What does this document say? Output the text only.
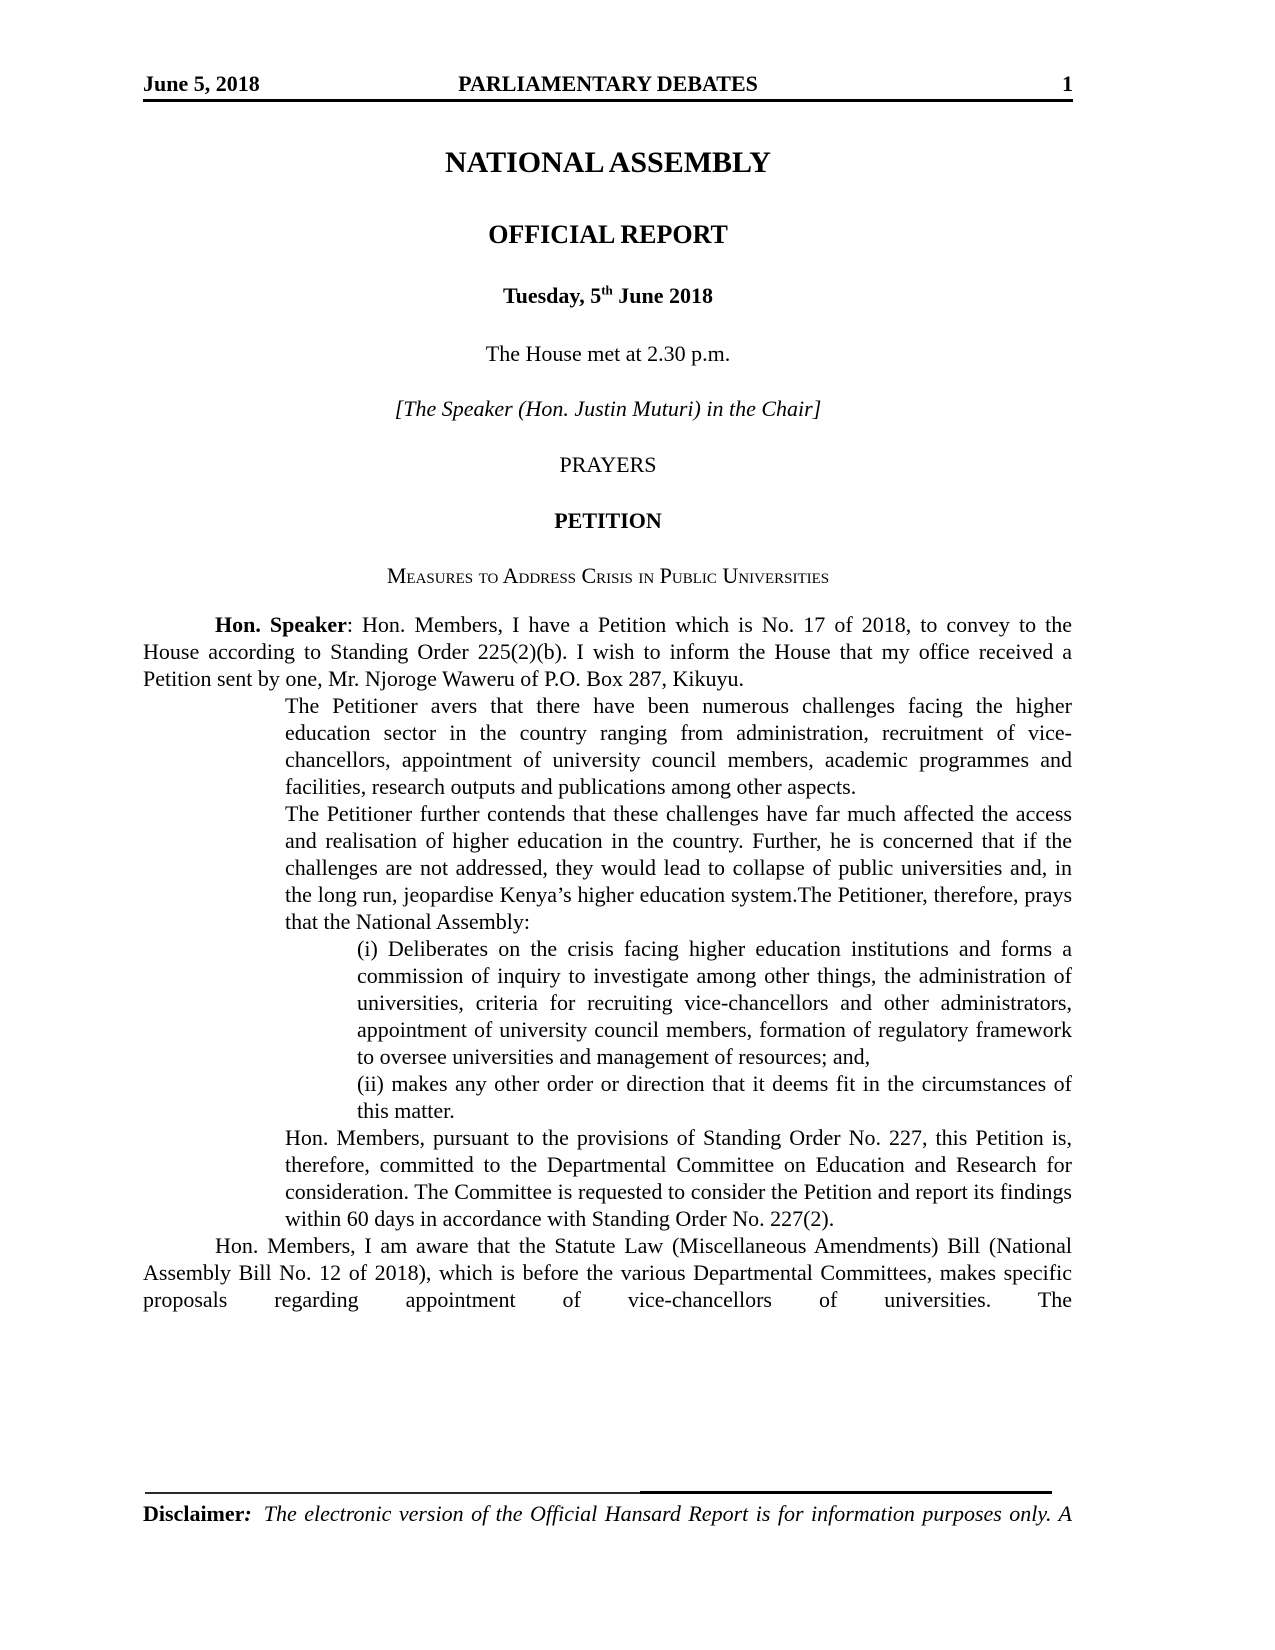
June 5, 2018	PARLIAMENTARY DEBATES	1
NATIONAL ASSEMBLY
OFFICIAL REPORT
Tuesday, 5th June 2018
The House met at 2.30 p.m.
[The Speaker (Hon. Justin Muturi) in the Chair]
PRAYERS
PETITION
Measures to Address Crisis in Public Universities

Hon. Speaker: Hon. Members, I have a Petition which is No. 17 of 2018, to convey to the House according to Standing Order 225(2)(b). I wish to inform the House that my office received a Petition sent by one, Mr. Njoroge Waweru of P.O. Box 287, Kikuyu.

The Petitioner avers that there have been numerous challenges facing the higher education sector in the country ranging from administration, recruitment of vice-chancellors, appointment of university council members, academic programmes and facilities, research outputs and publications among other aspects.

The Petitioner further contends that these challenges have far much affected the access and realisation of higher education in the country. Further, he is concerned that if the challenges are not addressed, they would lead to collapse of public universities and, in the long run, jeopardise Kenya’s higher education system.The Petitioner, therefore, prays that the National Assembly:

(i) Deliberates on the crisis facing higher education institutions and forms a commission of inquiry to investigate among other things, the administration of universities, criteria for recruiting vice-chancellors and other administrators, appointment of university council members, formation of regulatory framework to oversee universities and management of resources; and,

(ii) makes any other order or direction that it deems fit in the circumstances of this matter.

Hon. Members, pursuant to the provisions of Standing Order No. 227, this Petition is, therefore, committed to the Departmental Committee on Education and Research for consideration. The Committee is requested to consider the Petition and report its findings within 60 days in accordance with Standing Order No. 227(2).

Hon. Members, I am aware that the Statute Law (Miscellaneous Amendments) Bill (National Assembly Bill No. 12 of 2018), which is before the various Departmental Committees, makes specific proposals regarding appointment of vice-chancellors of universities. The

Disclaimer: The electronic version of the Official Hansard Report is for information purposes only. A
